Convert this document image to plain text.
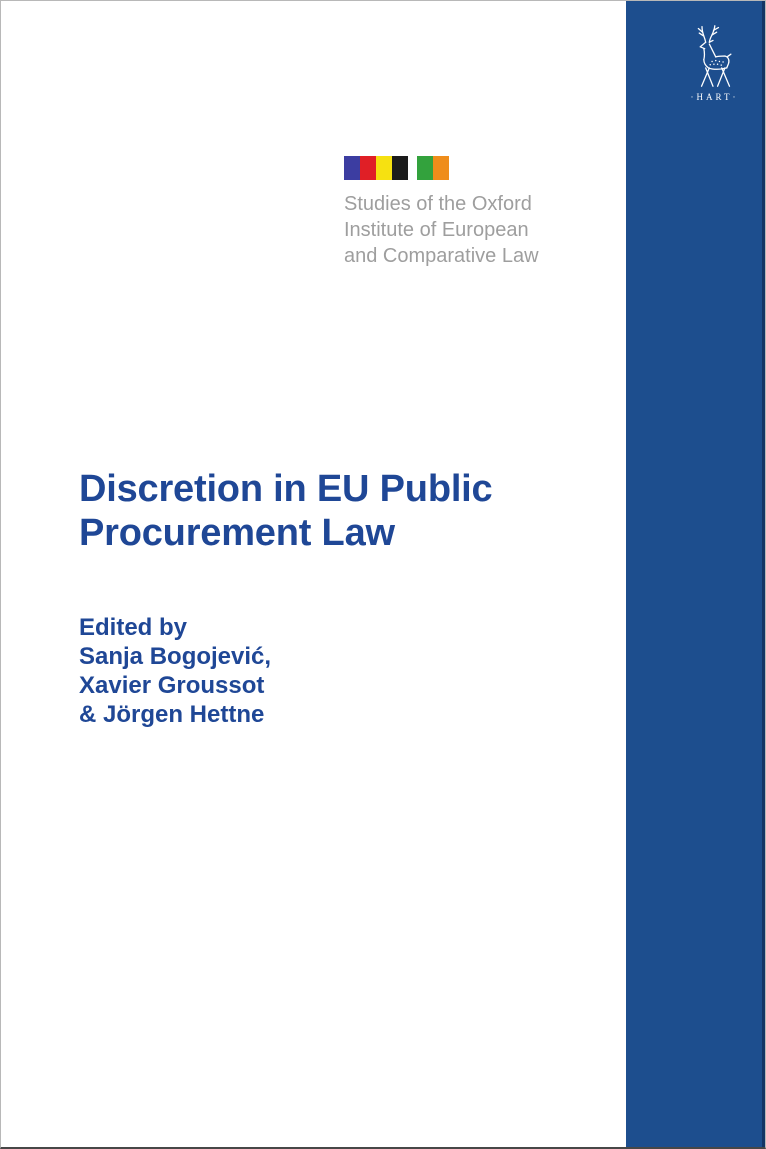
Studies of the Oxford
Institute of European
and Comparative Law
Discretion in EU Public
Procurement Law
Edited by
Sanja Bogojević,
Xavier Groussot
& Jörgen Hettne
·HART·
